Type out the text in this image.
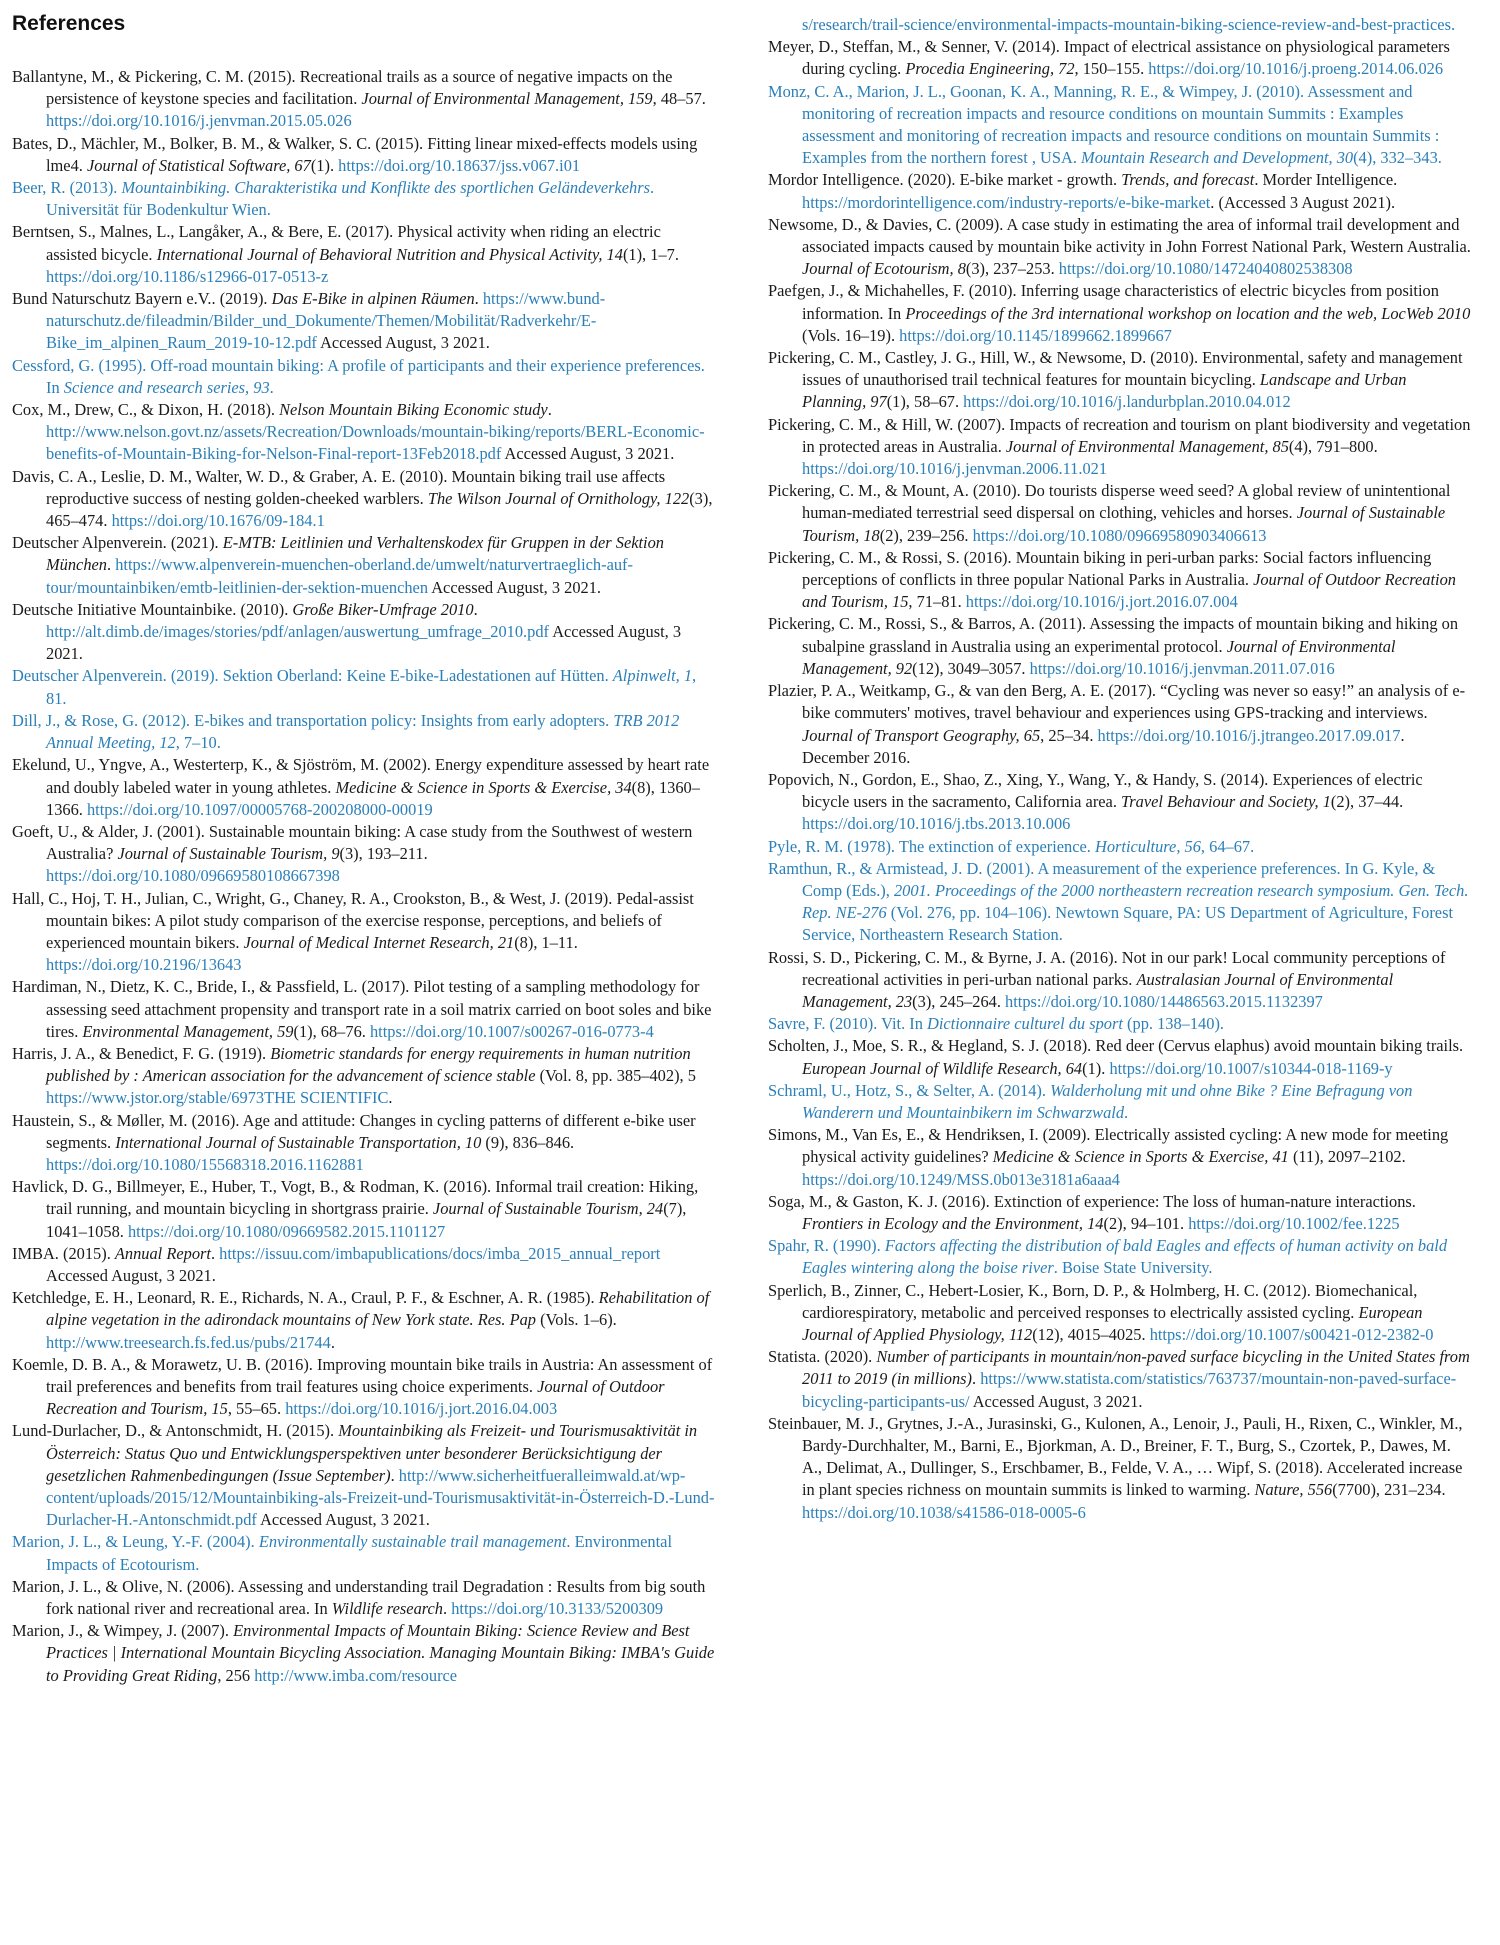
References

Ballantyne, M., & Pickering, C. M. (2015). Recreational trails as a source of negative impacts on the persistence of keystone species and facilitation. Journal of Environmental Management, 159, 48–57. https://doi.org/10.1016/j.jenvman.2015.05.026

Bates, D., Mächler, M., Bolker, B. M., & Walker, S. C. (2015). Fitting linear mixed-effects models using lme4. Journal of Statistical Software, 67(1). https://doi.org/10.18637/jss.v067.i01

Beer, R. (2013). Mountainbiking. Charakteristika und Konflikte des sportlichen Geländeverkehrs. Universität für Bodenkultur Wien.

Berntsen, S., Malnes, L., Langåker, A., & Bere, E. (2017). Physical activity when riding an electric assisted bicycle. International Journal of Behavioral Nutrition and Physical Activity, 14(1), 1–7. https://doi.org/10.1186/s12966-017-0513-z

Bund Naturschutz Bayern e.V.. (2019). Das E-Bike in alpinen Räumen. https://www.bund-naturschutz.de/fileadmin/Bilder_und_Dokumente/Themen/Mobilität/Radverkehr/E-Bike_im_alpinen_Raum_2019-10-12.pdf Accessed August, 3 2021.

Cessford, G. (1995). Off-road mountain biking: A profile of participants and their experience preferences. In Science and research series, 93.

Cox, M., Drew, C., & Dixon, H. (2018). Nelson Mountain Biking Economic study. http://www.nelson.govt.nz/assets/Recreation/Downloads/mountain-biking/reports/BERL-Economic-benefits-of-Mountain-Biking-for-Nelson-Final-report-13Feb2018.pdf Accessed August, 3 2021.

Davis, C. A., Leslie, D. M., Walter, W. D., & Graber, A. E. (2010). Mountain biking trail use affects reproductive success of nesting golden-cheeked warblers. The Wilson Journal of Ornithology, 122(3), 465–474. https://doi.org/10.1676/09-184.1

Deutscher Alpenverein. (2021). E-MTB: Leitlinien und Verhaltenskodex für Gruppen in der Sektion München. https://www.alpenverein-muenchen-oberland.de/umwelt/naturvertraeglich-auf-tour/mountainbiken/emtb-leitlinien-der-sektion-muenchen Accessed August, 3 2021.

Deutsche Initiative Mountainbike. (2010). Große Biker-Umfrage 2010. http://alt.dimb.de/images/stories/pdf/anlagen/auswertung_umfrage_2010.pdf Accessed August, 3 2021.

Deutscher Alpenverein. (2019). Sektion Oberland: Keine E-bike-Ladestationen auf Hütten. Alpinwelt, 1, 81.

Dill, J., & Rose, G. (2012). E-bikes and transportation policy: Insights from early adopters. TRB 2012 Annual Meeting, 12, 7–10.

Ekelund, U., Yngve, A., Westerterp, K., & Sjöström, M. (2002). Energy expenditure assessed by heart rate and doubly labeled water in young athletes. Medicine & Science in Sports & Exercise, 34(8), 1360–1366. https://doi.org/10.1097/00005768-200208000-00019

Goeft, U., & Alder, J. (2001). Sustainable mountain biking: A case study from the Southwest of western Australia? Journal of Sustainable Tourism, 9(3), 193–211. https://doi.org/10.1080/09669580108667398

Hall, C., Hoj, T. H., Julian, C., Wright, G., Chaney, R. A., Crookston, B., & West, J. (2019). Pedal-assist mountain bikes: A pilot study comparison of the exercise response, perceptions, and beliefs of experienced mountain bikers. Journal of Medical Internet Research, 21(8), 1–11. https://doi.org/10.2196/13643

Hardiman, N., Dietz, K. C., Bride, I., & Passfield, L. (2017). Pilot testing of a sampling methodology for assessing seed attachment propensity and transport rate in a soil matrix carried on boot soles and bike tires. Environmental Management, 59(1), 68–76. https://doi.org/10.1007/s00267-016-0773-4

Harris, J. A., & Benedict, F. G. (1919). Biometric standards for energy requirements in human nutrition published by : American association for the advancement of science stable (Vol. 8, pp. 385–402), 5 https://www.jstor.org/stable/6973THE SCIENTIFIC.

Haustein, S., & Møller, M. (2016). Age and attitude: Changes in cycling patterns of different e-bike user segments. International Journal of Sustainable Transportation, 10 (9), 836–846. https://doi.org/10.1080/15568318.2016.1162881

Havlick, D. G., Billmeyer, E., Huber, T., Vogt, B., & Rodman, K. (2016). Informal trail creation: Hiking, trail running, and mountain bicycling in shortgrass prairie. Journal of Sustainable Tourism, 24(7), 1041–1058. https://doi.org/10.1080/09669582.2015.1101127

IMBA. (2015). Annual Report. https://issuu.com/imbapublications/docs/imba_2015_annual_report Accessed August, 3 2021.

Ketchledge, E. H., Leonard, R. E., Richards, N. A., Craul, P. F., & Eschner, A. R. (1985). Rehabilitation of alpine vegetation in the adirondack mountains of New York state. Res. Pap (Vols. 1–6). http://www.treesearch.fs.fed.us/pubs/21744.

Koemle, D. B. A., & Morawetz, U. B. (2016). Improving mountain bike trails in Austria: An assessment of trail preferences and benefits from trail features using choice experiments. Journal of Outdoor Recreation and Tourism, 15, 55–65. https://doi.org/10.1016/j.jort.2016.04.003

Lund-Durlacher, D., & Antonschmidt, H. (2015). Mountainbiking als Freizeit- und Tourismusaktivität in Österreich: Status Quo und Entwicklungsperspektiven unter besonderer Berücksichtigung der gesetzlichen Rahmenbedingungen (Issue September). http://www.sicherheitfueralleimwald.at/wp-content/uploads/2015/12/Mountainbiking-als-Freizeit-und-Tourismusaktivität-in-Österreich-D.-Lund-Durlacher-H.-Antonschmidt.pdf Accessed August, 3 2021.

Marion, J. L., & Leung, Y.-F. (2004). Environmentally sustainable trail management. Environmental Impacts of Ecotourism.

Marion, J. L., & Olive, N. (2006). Assessing and understanding trail Degradation : Results from big south fork national river and recreational area. In Wildlife research. https://doi.org/10.3133/5200309

Marion, J., & Wimpey, J. (2007). Environmental Impacts of Mountain Biking: Science Review and Best Practices | International Mountain Bicycling Association. Managing Mountain Biking: IMBA's Guide to Providing Great Riding, 256 http://www.imba.com/resource

s/research/trail-science/environmental-impacts-mountain-biking-science-review-and-best-practices.

Meyer, D., Steffan, M., & Senner, V. (2014). Impact of electrical assistance on physiological parameters during cycling. Procedia Engineering, 72, 150–155. https://doi.org/10.1016/j.proeng.2014.06.026

Monz, C. A., Marion, J. L., Goonan, K. A., Manning, R. E., & Wimpey, J. (2010). Assessment and monitoring of recreation impacts and resource conditions on mountain Summits : Examples assessment and monitoring of recreation impacts and resource conditions on mountain Summits : Examples from the northern forest , USA. Mountain Research and Development, 30(4), 332–343.

Mordor Intelligence. (2020). E-bike market - growth. Trends, and forecast. Morder Intelligence. https://mordorintelligence.com/industry-reports/e-bike-market. (Accessed 3 August 2021).

Newsome, D., & Davies, C. (2009). A case study in estimating the area of informal trail development and associated impacts caused by mountain bike activity in John Forrest National Park, Western Australia. Journal of Ecotourism, 8(3), 237–253. https://doi.org/10.1080/14724040802538308

Paefgen, J., & Michahelles, F. (2010). Inferring usage characteristics of electric bicycles from position information. In Proceedings of the 3rd international workshop on location and the web, LocWeb 2010 (Vols. 16–19). https://doi.org/10.1145/1899662.1899667

Pickering, C. M., Castley, J. G., Hill, W., & Newsome, D. (2010). Environmental, safety and management issues of unauthorised trail technical features for mountain bicycling. Landscape and Urban Planning, 97(1), 58–67. https://doi.org/10.1016/j.landurbplan.2010.04.012

Pickering, C. M., & Hill, W. (2007). Impacts of recreation and tourism on plant biodiversity and vegetation in protected areas in Australia. Journal of Environmental Management, 85(4), 791–800. https://doi.org/10.1016/j.jenvman.2006.11.021

Pickering, C. M., & Mount, A. (2010). Do tourists disperse weed seed? A global review of unintentional human-mediated terrestrial seed dispersal on clothing, vehicles and horses. Journal of Sustainable Tourism, 18(2), 239–256. https://doi.org/10.1080/09669580903406613

Pickering, C. M., & Rossi, S. (2016). Mountain biking in peri-urban parks: Social factors influencing perceptions of conflicts in three popular National Parks in Australia. Journal of Outdoor Recreation and Tourism, 15, 71–81. https://doi.org/10.1016/j.jort.2016.07.004

Pickering, C. M., Rossi, S., & Barros, A. (2011). Assessing the impacts of mountain biking and hiking on subalpine grassland in Australia using an experimental protocol. Journal of Environmental Management, 92(12), 3049–3057. https://doi.org/10.1016/j.jenvman.2011.07.016

Plazier, P. A., Weitkamp, G., & van den Berg, A. E. (2017). “Cycling was never so easy!” an analysis of e-bike commuters' motives, travel behaviour and experiences using GPS-tracking and interviews. Journal of Transport Geography, 65, 25–34. https://doi.org/10.1016/j.jtrangeo.2017.09.017. December 2016.

Popovich, N., Gordon, E., Shao, Z., Xing, Y., Wang, Y., & Handy, S. (2014). Experiences of electric bicycle users in the sacramento, California area. Travel Behaviour and Society, 1(2), 37–44. https://doi.org/10.1016/j.tbs.2013.10.006

Pyle, R. M. (1978). The extinction of experience. Horticulture, 56, 64–67.

Ramthun, R., & Armistead, J. D. (2001). A measurement of the experience preferences. In G. Kyle, & Comp (Eds.), 2001. Proceedings of the 2000 northeastern recreation research symposium. Gen. Tech. Rep. NE-276 (Vol. 276, pp. 104–106). Newtown Square, PA: US Department of Agriculture, Forest Service, Northeastern Research Station.

Rossi, S. D., Pickering, C. M., & Byrne, J. A. (2016). Not in our park! Local community perceptions of recreational activities in peri-urban national parks. Australasian Journal of Environmental Management, 23(3), 245–264. https://doi.org/10.1080/14486563.2015.1132397

Savre, F. (2010). Vit. In Dictionnaire culturel du sport (pp. 138–140).

Scholten, J., Moe, S. R., & Hegland, S. J. (2018). Red deer (Cervus elaphus) avoid mountain biking trails. European Journal of Wildlife Research, 64(1). https://doi.org/10.1007/s10344-018-1169-y

Schraml, U., Hotz, S., & Selter, A. (2014). Walderholung mit und ohne Bike ? Eine Befragung von Wanderern und Mountainbikern im Schwarzwald.

Simons, M., Van Es, E., & Hendriksen, I. (2009). Electrically assisted cycling: A new mode for meeting physical activity guidelines? Medicine & Science in Sports & Exercise, 41 (11), 2097–2102. https://doi.org/10.1249/MSS.0b013e3181a6aaa4

Soga, M., & Gaston, K. J. (2016). Extinction of experience: The loss of human-nature interactions. Frontiers in Ecology and the Environment, 14(2), 94–101. https://doi.org/10.1002/fee.1225

Spahr, R. (1990). Factors affecting the distribution of bald Eagles and effects of human activity on bald Eagles wintering along the boise river. Boise State University.

Sperlich, B., Zinner, C., Hebert-Losier, K., Born, D. P., & Holmberg, H. C. (2012). Biomechanical, cardiorespiratory, metabolic and perceived responses to electrically assisted cycling. European Journal of Applied Physiology, 112(12), 4015–4025. https://doi.org/10.1007/s00421-012-2382-0

Statista. (2020). Number of participants in mountain/non-paved surface bicycling in the United States from 2011 to 2019 (in millions). https://www.statista.com/statistics/763737/mountain-non-paved-surface-bicycling-participants-us/ Accessed August, 3 2021.

Steinbauer, M. J., Grytnes, J.-A., Jurasinski, G., Kulonen, A., Lenoir, J., Pauli, H., Rixen, C., Winkler, M., Bardy-Durchhalter, M., Barni, E., Bjorkman, A. D., Breiner, F. T., Burg, S., Czortek, P., Dawes, M. A., Delimat, A., Dullinger, S., Erschbamer, B., Felde, V. A., … Wipf, S. (2018). Accelerated increase in plant species richness on mountain summits is linked to warming. Nature, 556(7700), 231–234. https://doi.org/10.1038/s41586-018-0005-6
